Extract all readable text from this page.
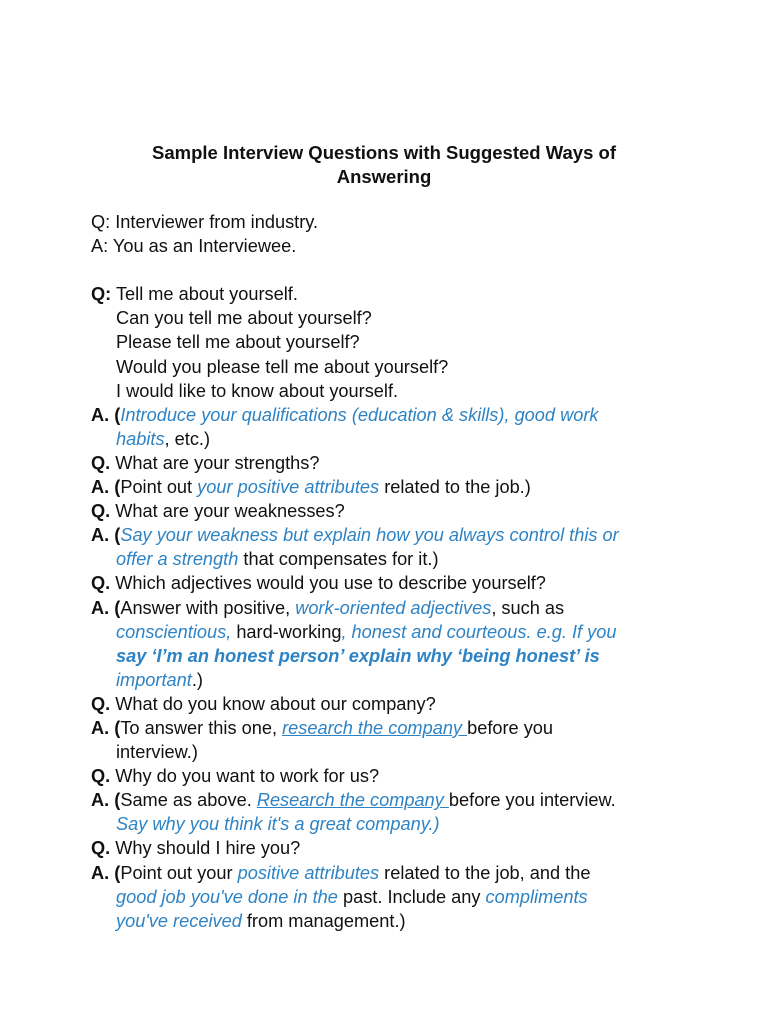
Sample Interview Questions with Suggested Ways of
Answering
Q: Interviewer from industry.
A: You as an Interviewee.
Q: Tell me about yourself.
Can you tell me about yourself?
Please tell me about yourself?
Would you please tell me about yourself?
I would like to know about yourself.
A. (Introduce your qualifications (education & skills), good work
habits, etc.)
Q. What are your strengths?
A. (Point out your positive attributes related to the job.)
Q. What are your weaknesses?
A. (Say your weakness but explain how you always control this or
offer a strength that compensates for it.)
Q. Which adjectives would you use to describe yourself?
A. (Answer with positive, work-oriented adjectives, such as
conscientious, hard-working, honest and courteous. e.g. If you
say ‘I’m an honest person’ explain why ‘being honest’ is
important.)
Q. What do you know about our company?
A. (To answer this one, research the company before you
interview.)
Q. Why do you want to work for us?
A. (Same as above. Research the company before you interview.
Say why you think it's a great company.)
Q. Why should I hire you?
A. (Point out your positive attributes related to the job, and the
good job you've done in the past. Include any compliments
you've received from management.)
